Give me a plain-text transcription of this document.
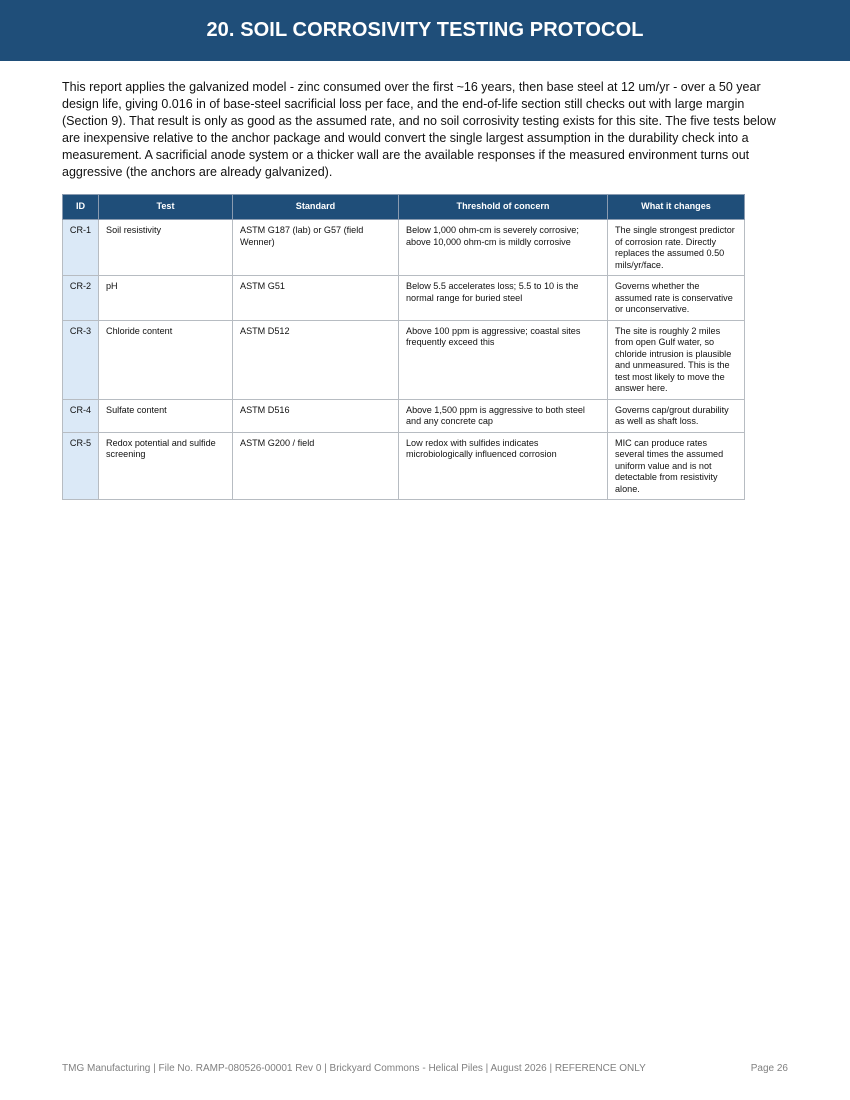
20. SOIL CORROSIVITY TESTING PROTOCOL

This report applies the galvanized model - zinc consumed over the first ~16 years, then base steel at 12 um/yr - over a 50 year design life, giving 0.016 in of base-steel sacrificial loss per face, and the end-of-life section still checks out with large margin (Section 9). That result is only as good as the assumed rate, and no soil corrosivity testing exists for this site. The five tests below are inexpensive relative to the anchor package and would convert the single largest assumption in the durability check into a measurement. A sacrificial anode system or a thicker wall are the available responses if the measured environment turns out aggressive (the anchors are already galvanized).

ID	Test	Standard	Threshold of concern	What it changes
CR-1	Soil resistivity	ASTM G187 (lab) or G57 (field Wenner)	Below 1,000 ohm-cm is severely corrosive; above 10,000 ohm-cm is mildly corrosive	The single strongest predictor of corrosion rate. Directly replaces the assumed 0.50 mils/yr/face.
CR-2	pH	ASTM G51	Below 5.5 accelerates loss; 5.5 to 10 is the normal range for buried steel	Governs whether the assumed rate is conservative or unconservative.
CR-3	Chloride content	ASTM D512	Above 100 ppm is aggressive; coastal sites frequently exceed this	The site is roughly 2 miles from open Gulf water, so chloride intrusion is plausible and unmeasured. This is the test most likely to move the answer here.
CR-4	Sulfate content	ASTM D516	Above 1,500 ppm is aggressive to both steel and any concrete cap	Governs cap/grout durability as well as shaft loss.
CR-5	Redox potential and sulfide screening	ASTM G200 / field	Low redox with sulfides indicates microbiologically influenced corrosion	MIC can produce rates several times the assumed uniform value and is not detectable from resistivity alone.
TMG Manufacturing | File No. RAMP-080526-00001 Rev 0 | Brickyard Commons - Helical Piles | August 2026 | REFERENCE ONLY	Page 26
